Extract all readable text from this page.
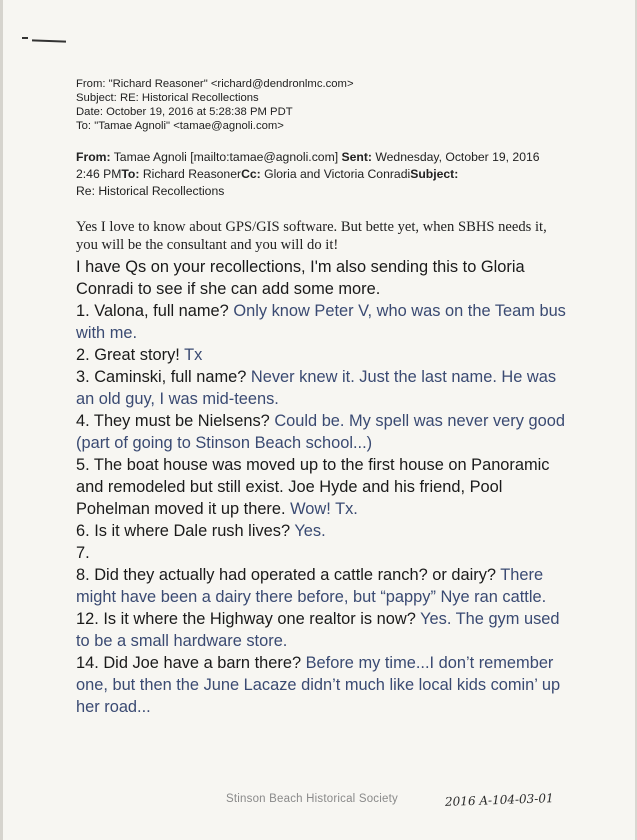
From: "Richard Reasoner" <richard@dendronlmc.com>
Subject: RE: Historical Recollections
Date: October 19, 2016 at 5:28:38 PM PDT
To: "Tamae Agnoli" <tamae@agnoli.com>
From: Tamae Agnoli [mailto:tamae@agnoli.com] Sent: Wednesday, October 19, 2016 2:46 PMTo: Richard ReasonerCc: Gloria and Victoria ConradiSubject:
Re: Historical Recollections
Yes I love to know about GPS/GIS software. But bette yet, when SBHS needs it, you will be the consultant and you will do it!

I have Qs on your recollections, I'm also sending this to Gloria Conradi to see if she can add some more.

1. Valona, full name? Only know Peter V, who was on the Team bus with me.

2. Great story! Tx

3. Caminski, full name? Never knew it. Just the last name. He was an old guy, I was mid-teens.

4. They must be Nielsens? Could be. My spell was never very good (part of going to Stinson Beach school...)

5. The boat house was moved up to the first house on Panoramic and remodeled but still exist. Joe Hyde and his friend, Pool Pohelman moved it up there. Wow! Tx.

6. Is it where Dale rush lives? Yes.

7.

8. Did they actually had operated a cattle ranch? or dairy? There might have been a dairy there before, but “pappy” Nye ran cattle.

12. Is it where the Highway one realtor is now? Yes. The gym used to be a small hardware store.

14. Did Joe have a barn there? Before my time...I don’t remember one, but then the June Lacaze didn’t much like local kids comin’ up her road...

Stinson Beach Historical Society	2016 A-104-03-01
